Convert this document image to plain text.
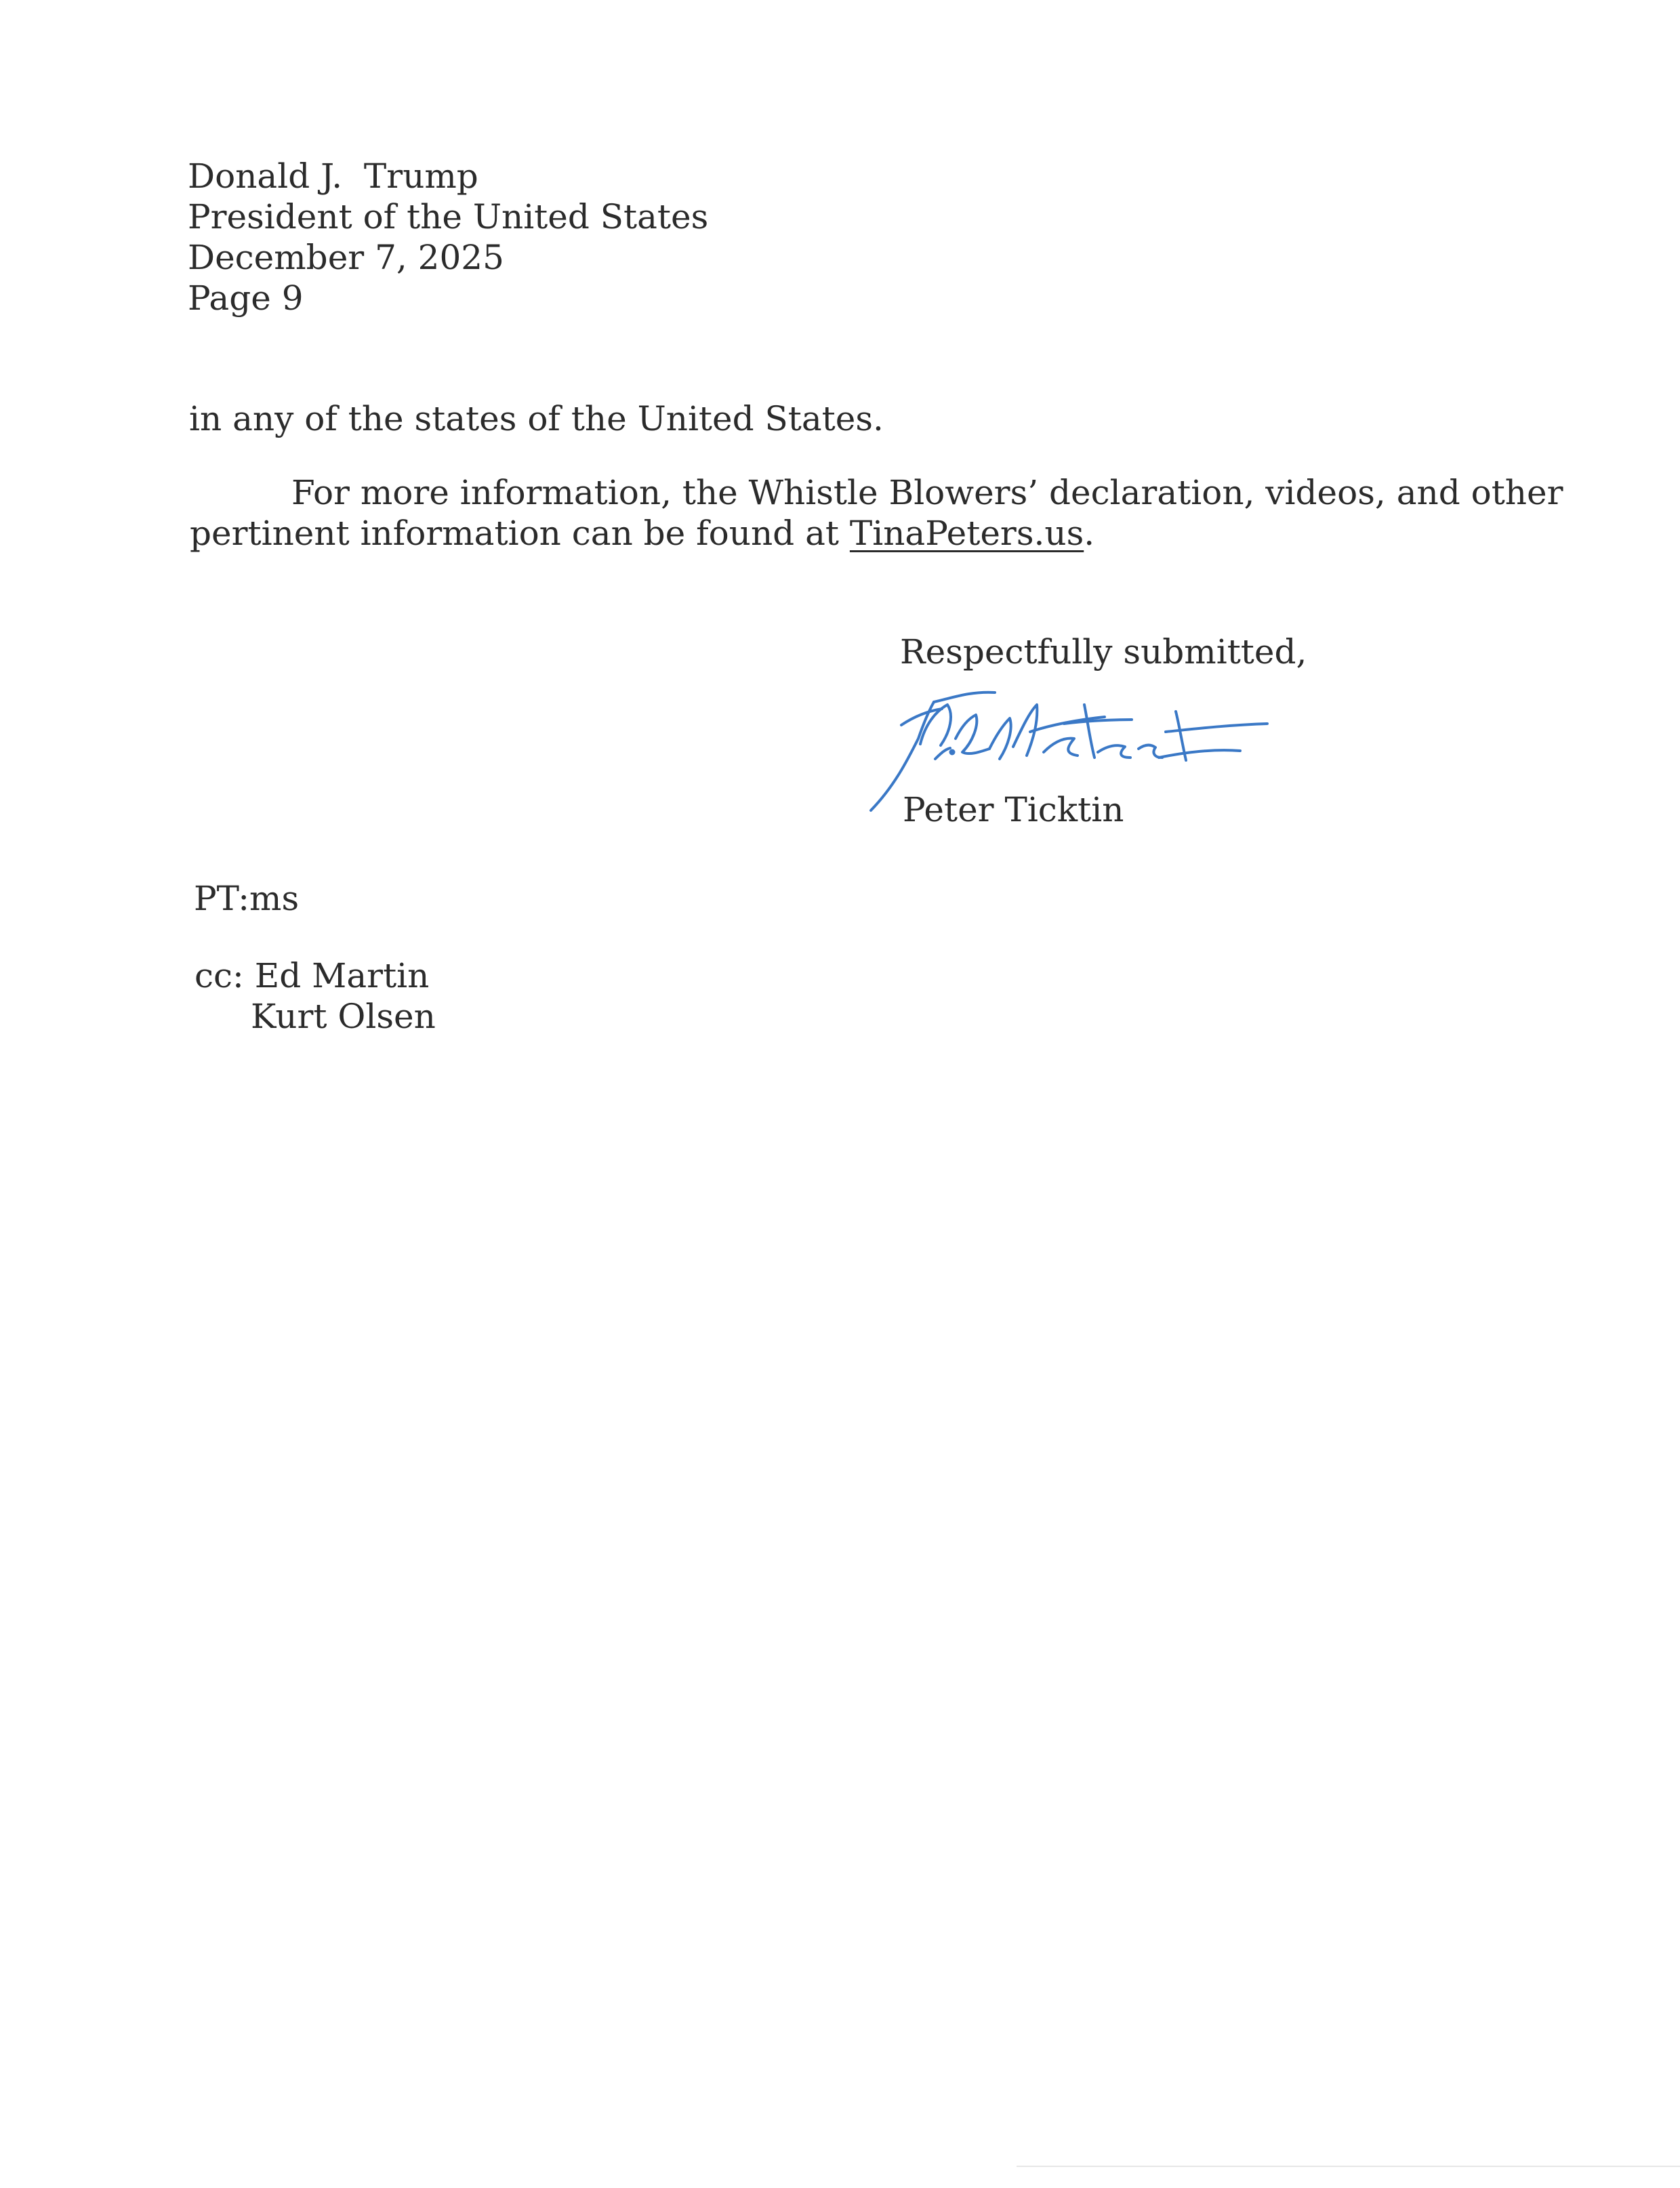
Donald J.  Trump
President of the United States
December 7, 2025
Page 9
in any of the states of the United States.
For more information, the Whistle Blowers’ declaration, videos, and other
pertinent information can be found at TinaPeters.us.
Respectfully submitted,
Peter Ticktin
PT:ms
cc: Ed Martin
Kurt Olsen
